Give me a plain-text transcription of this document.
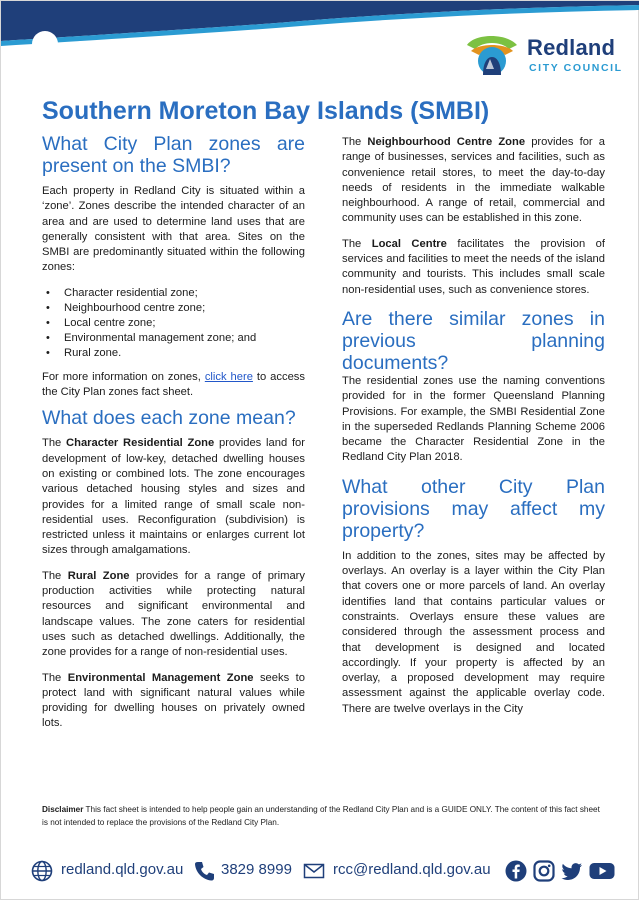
Redland
CITY COUNCIL
Southern Moreton Bay Islands (SMBI)
What City Plan zones are present on the SMBI?

Each property in Redland City is situated within a ‘zone’. Zones describe the intended character of an area and are used to determine land uses that are generally consistent with that area. Sites on the SMBI are predominantly situated within the following zones:

• Character residential zone;
• Neighbourhood centre zone;
• Local centre zone;
• Environmental management zone; and
• Rural zone.

For more information on zones, click here to access the City Plan zones fact sheet.

What does each zone mean?

The Character Residential Zone provides land for development of low-key, detached dwelling houses on existing or combined lots. The zone encourages various detached housing styles and sizes and provides for a limited range of small scale non-residential uses. Reconfiguration (subdivision) is restricted unless it maintains or enlarges current lot sizes through amalgamations.

The Rural Zone provides for a range of primary production activities while protecting natural resources and significant environmental and landscape values. The zone caters for residential uses such as detached dwellings. Additionally, the zone provides for a range of non-residential uses.

The Environmental Management Zone seeks to protect land with significant natural values while providing for dwelling houses on privately owned lots.

The Neighbourhood Centre Zone provides for a range of businesses, services and facilities, such as convenience retail stores, to meet the day-to-day needs of residents in the immediate walkable neighbourhood. A range of retail, commercial and community uses can be established in this zone.

The Local Centre facilitates the provision of services and facilities to meet the needs of the island community and tourists. This includes small scale non-residential uses, such as convenience stores.

Are there similar zones in previous planning documents?

The residential zones use the naming conventions provided for in the former Queensland Planning Provisions. For example, the SMBI Residential Zone in the superseded Redlands Planning Scheme 2006 became the Character Residential Zone in the Redland City Plan 2018.

What other City Plan provisions may affect my property?

In addition to the zones, sites may be affected by overlays. An overlay is a layer within the City Plan that covers one or more parcels of land. An overlay identifies land that contains particular values or constraints. Overlays ensure these values are considered through the assessment process and that development is designed and located accordingly. If your property is affected by an overlay, a proposed development may require assessment against the applicable overlay code. There are twelve overlays in the City

Disclaimer This fact sheet is intended to help people gain an understanding of the Redland City Plan and is a GUIDE ONLY. The content of this fact sheet is not intended to replace the provisions of the Redland City Plan.
redland.qld.gov.au	3829 8999	rcc@redland.qld.gov.au
